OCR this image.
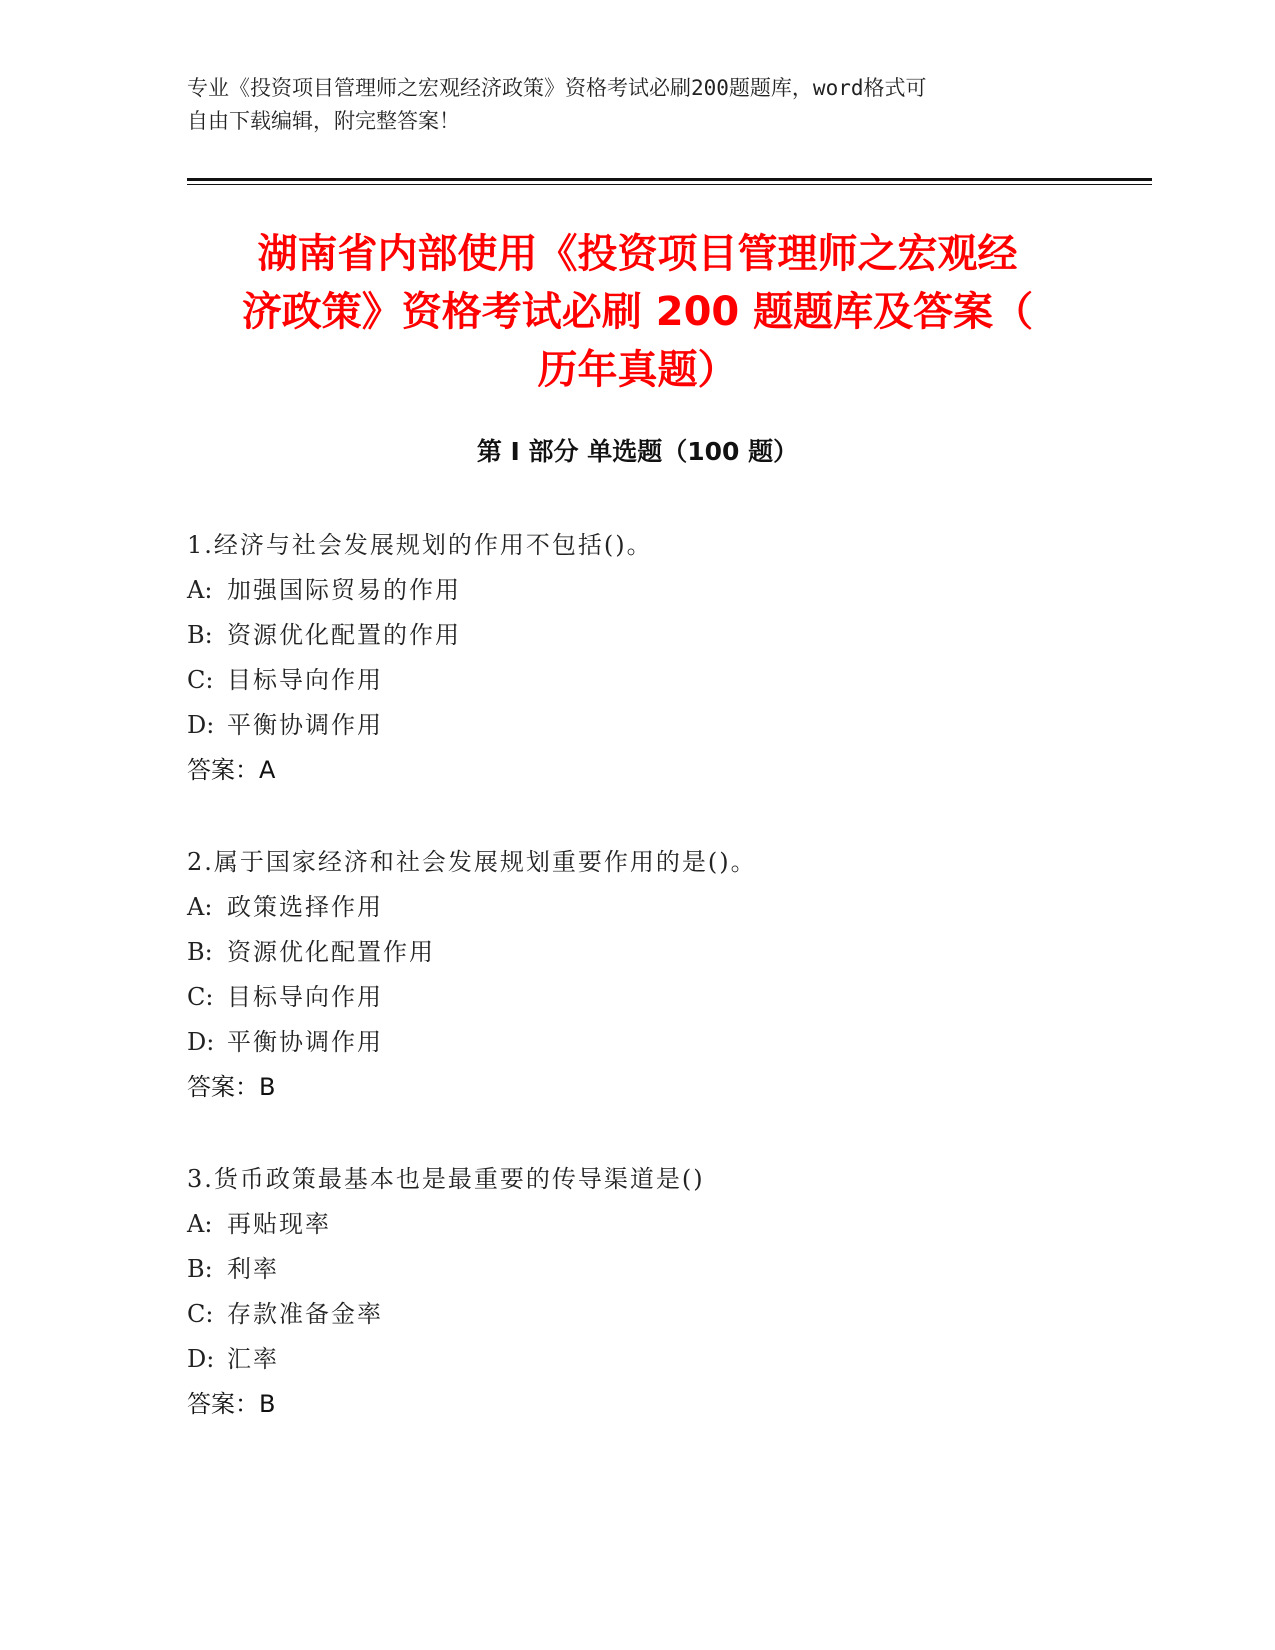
专业《投资项目管理师之宏观经济政策》资格考试必刷200题题库，word格式可

自由下载编辑，附完整答案！

湖南省内部使用《投资项目管理师之宏观经
济政策》资格考试必刷 200 题题库及答案（
历年真题）
第 I 部分 单选题（100 题）
1.经济与社会发展规划的作用不包括()。
A: 加强国际贸易的作用
B: 资源优化配置的作用
C: 目标导向作用
D: 平衡协调作用
答案：A
2.属于国家经济和社会发展规划重要作用的是()。
A: 政策选择作用
B: 资源优化配置作用
C: 目标导向作用
D: 平衡协调作用
答案：B
3.货币政策最基本也是最重要的传导渠道是()
A: 再贴现率
B: 利率
C: 存款准备金率
D: 汇率
答案：B
